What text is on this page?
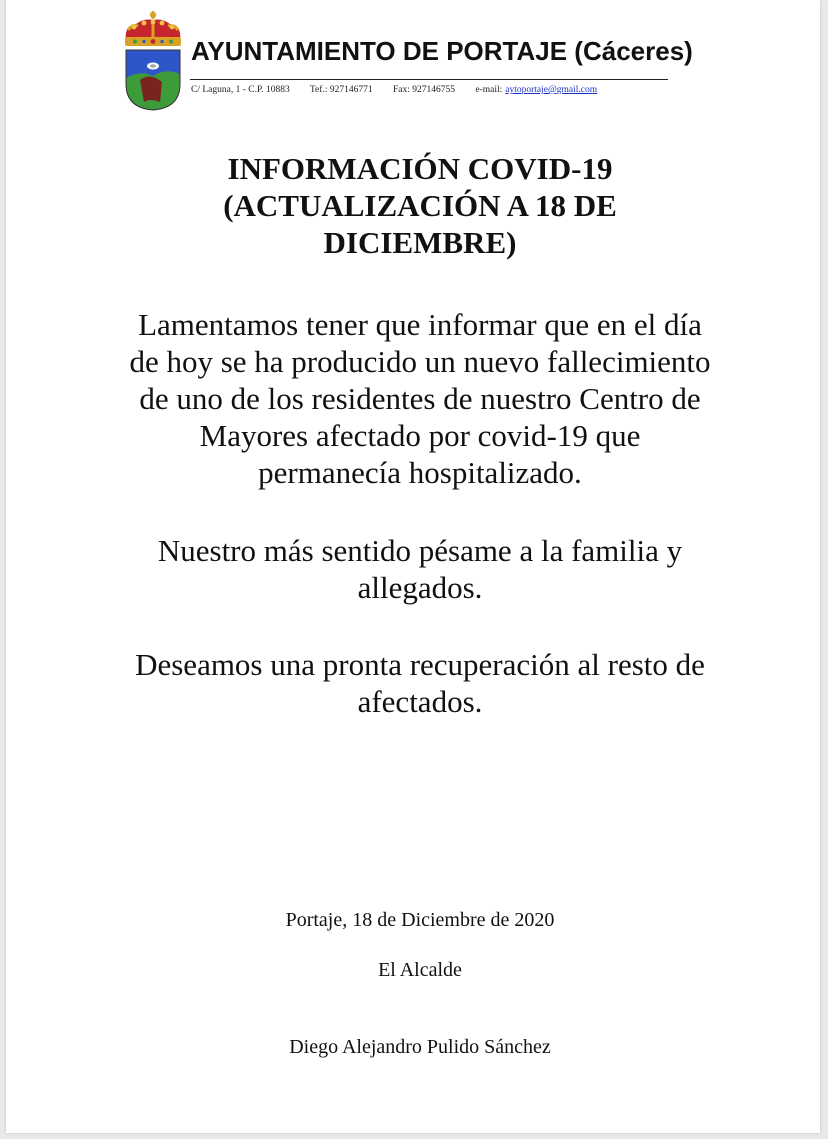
AYUNTAMIENTO DE PORTAJE (Cáceres)
C/ Laguna, 1 - C.P. 10883 Tef.: 927146771 Fax: 927146755 e-mail: aytoportaje@gmail.com
INFORMACIÓN COVID-19
(ACTUALIZACIÓN A 18 DE
DICIEMBRE)
Lamentamos tener que informar que en el día
de hoy se ha producido un nuevo fallecimiento
de uno de los residentes de nuestro Centro de
Mayores afectado por covid-19 que
permanecía hospitalizado.
Nuestro más sentido pésame a la familia y
allegados.
Deseamos una pronta recuperación al resto de
afectados.
Portaje, 18 de Diciembre de 2020
El Alcalde
Diego Alejandro Pulido Sánchez
